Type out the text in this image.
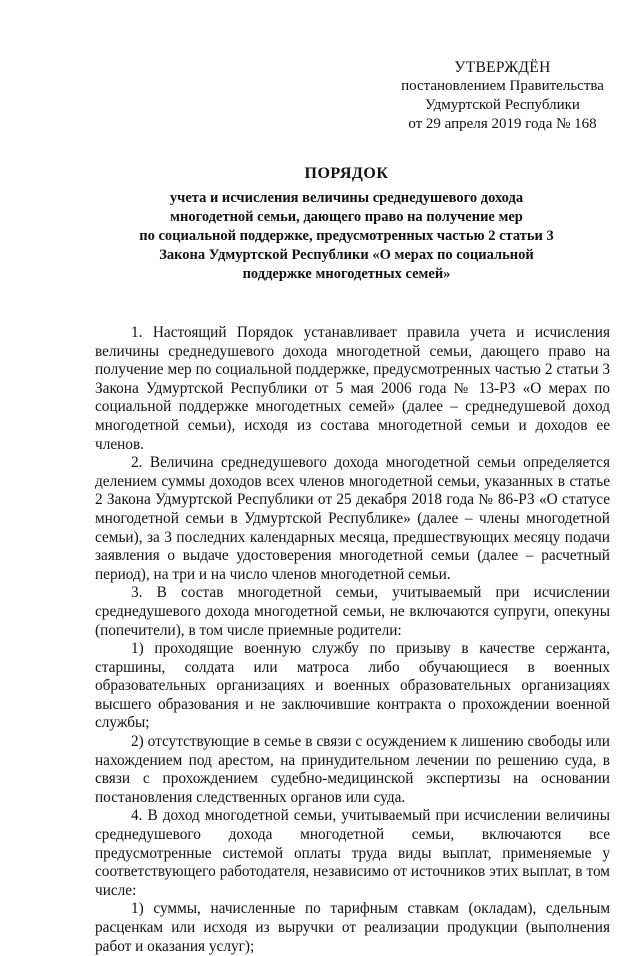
УТВЕРЖДЁН
постановлением Правительства
Удмуртской Республики
от 29 апреля 2019 года № 168
ПОРЯДОК
учета и исчисления величины среднедушевого дохода
многодетной семьи, дающего право на получение мер
по социальной поддержке, предусмотренных частью 2 статьи 3
Закона Удмуртской Республики «О мерах по социальной
поддержке многодетных семей»

1. Настоящий Порядок устанавливает правила учета и исчисления величины среднедушевого дохода многодетной семьи, дающего право на получение мер по социальной поддержке, предусмотренных частью 2 статьи 3 Закона Удмуртской Республики от 5 мая 2006 года № 13-РЗ «О мерах по социальной поддержке многодетных семей» (далее – среднедушевой доход многодетной семьи), исходя из состава многодетной семьи и доходов ее членов.

2. Величина среднедушевого дохода многодетной семьи определяется делением суммы доходов всех членов многодетной семьи, указанных в статье 2 Закона Удмуртской Республики от 25 декабря 2018 года № 86-РЗ «О статусе многодетной семьи в Удмуртской Республике» (далее – члены многодетной семьи), за 3 последних календарных месяца, предшествующих месяцу подачи заявления о выдаче удостоверения многодетной семьи (далее – расчетный период), на три и на число членов многодетной семьи.

3. В состав многодетной семьи, учитываемый при исчислении среднедушевого дохода многодетной семьи, не включаются супруги, опекуны (попечители), в том числе приемные родители:

1) проходящие военную службу по призыву в качестве сержанта, старшины, солдата или матроса либо обучающиеся в военных образовательных организациях и военных образовательных организациях высшего образования и не заключившие контракта о прохождении военной службы;

2) отсутствующие в семье в связи с осуждением к лишению свободы или нахождением под арестом, на принудительном лечении по решению суда, в связи с прохождением судебно-медицинской экспертизы на основании постановления следственных органов или суда.

4. В доход многодетной семьи, учитываемый при исчислении величины среднедушевого дохода многодетной семьи, включаются все предусмотренные системой оплаты труда виды выплат, применяемые у соответствующего работодателя, независимо от источников этих выплат, в том числе:

1) суммы, начисленные по тарифным ставкам (окладам), сдельным расценкам или исходя из выручки от реализации продукции (выполнения работ и оказания услуг);
